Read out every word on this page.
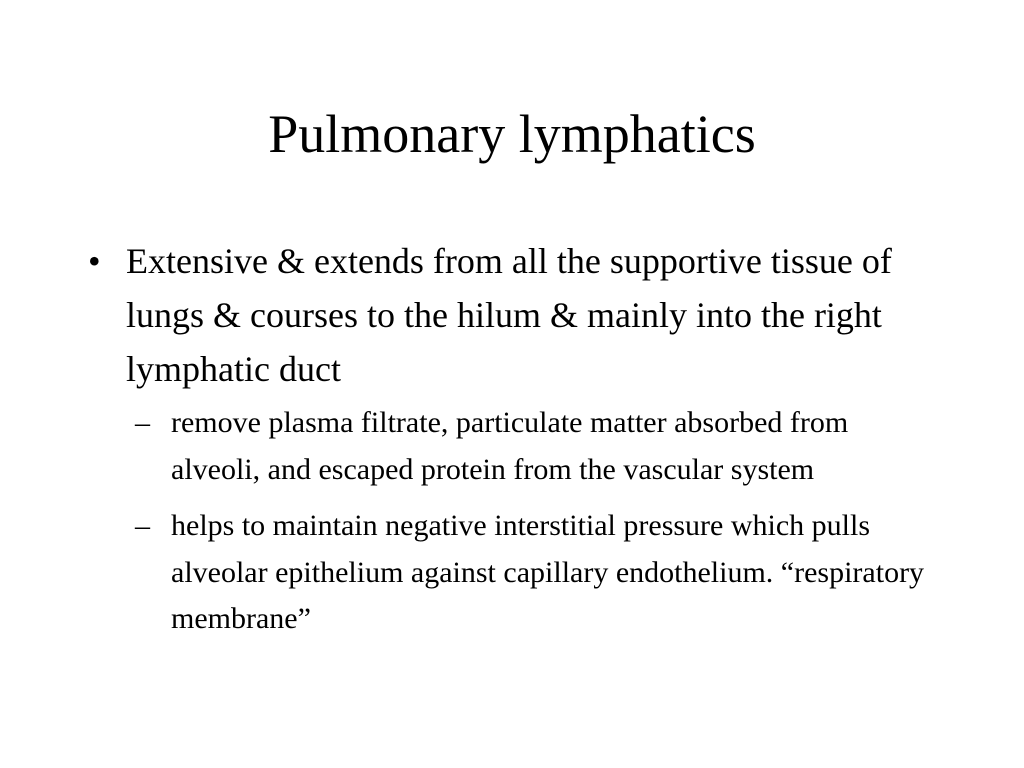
Pulmonary lymphatics
• Extensive & extends from all the supportive tissue of lungs & courses to the hilum & mainly into the right lymphatic duct
– remove plasma filtrate, particulate matter absorbed from alveoli, and escaped protein from the vascular system
– helps to maintain negative interstitial pressure which pulls alveolar epithelium against capillary endothelium. “respiratory membrane”
